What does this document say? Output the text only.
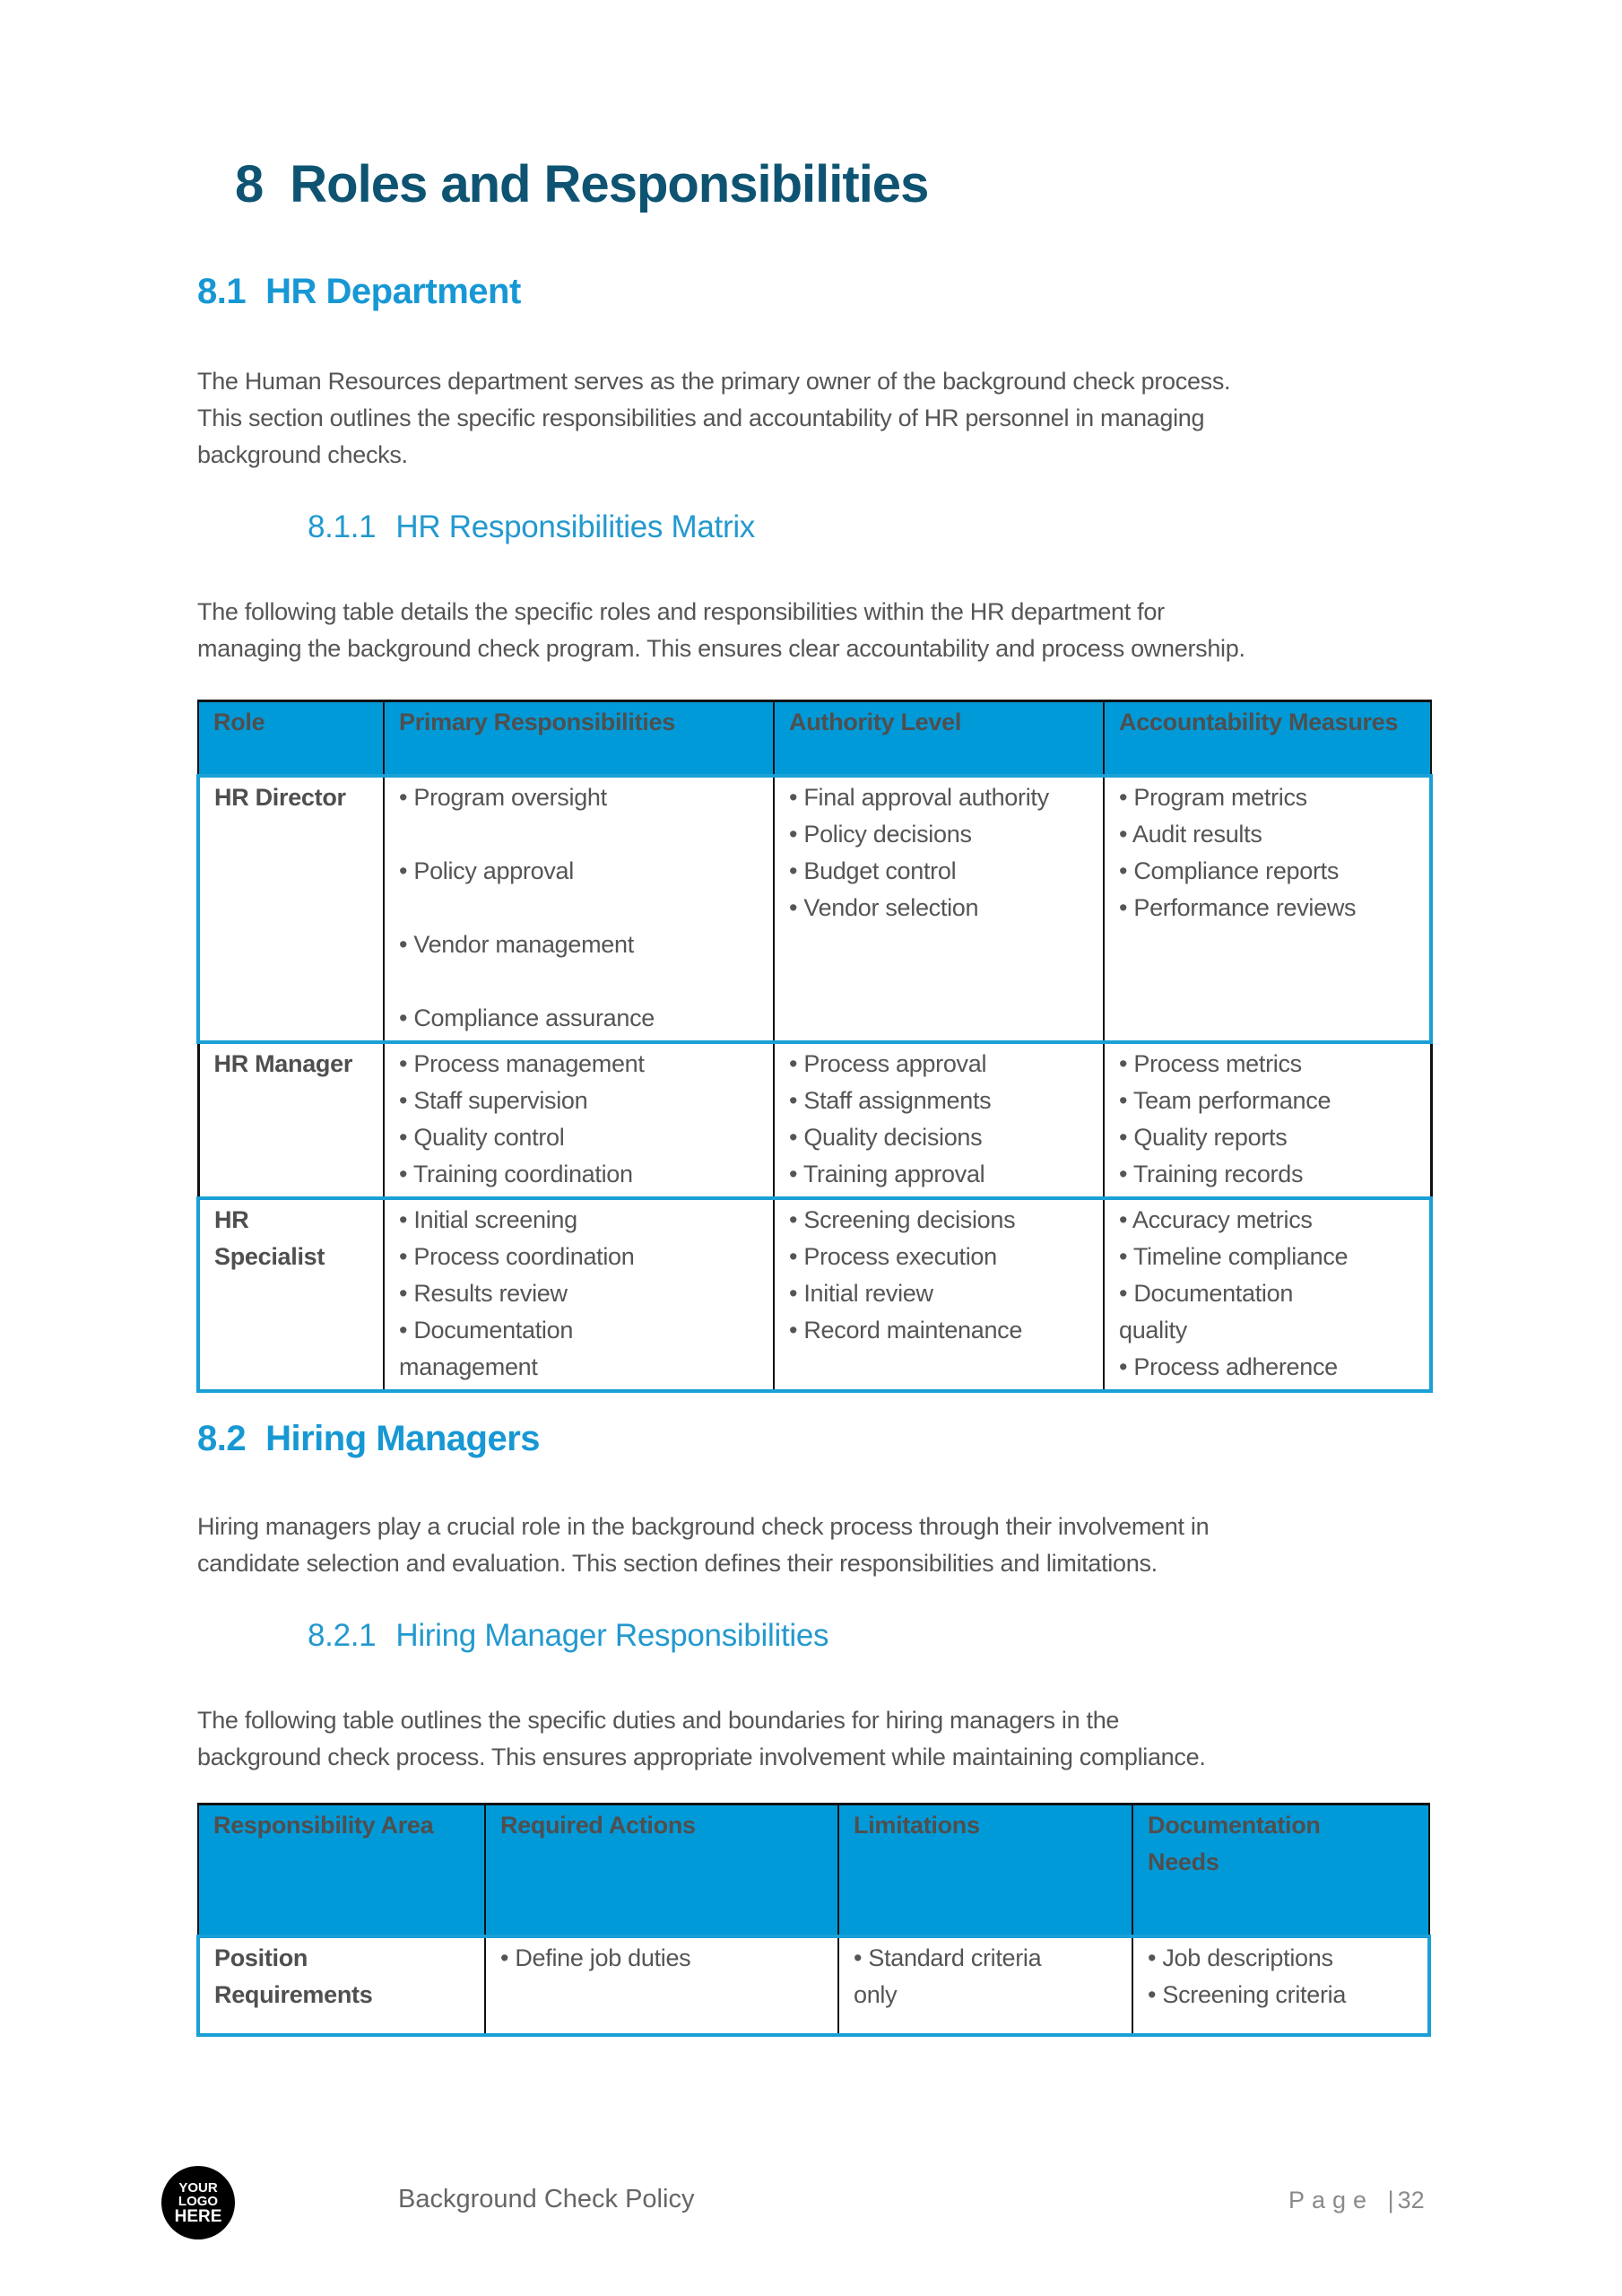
8 Roles and Responsibilities
8.1 HR Department
The Human Resources department serves as the primary owner of the background check process.
This section outlines the specific responsibilities and accountability of HR personnel in managing
background checks.
8.1.1 HR Responsibilities Matrix
The following table details the specific roles and responsibilities within the HR department for
managing the background check program. This ensures clear accountability and process ownership.
Role	Primary Responsibilities	Authority Level	Accountability Measures
HR Director	• Program oversight
• Policy approval
• Vendor management
• Compliance assurance	• Final approval authority
• Policy decisions
• Budget control
• Vendor selection	• Program metrics
• Audit results
• Compliance reports
• Performance reviews

HR Manager	• Process management
• Staff supervision
• Quality control
• Training coordination	• Process approval
• Staff assignments
• Quality decisions
• Training approval	• Process metrics
• Team performance
• Quality reports
• Training records

HR Specialist	• Initial screening
• Process coordination
• Results review
• Documentation management	• Screening decisions
• Process execution
• Initial review
• Record maintenance	• Accuracy metrics
• Timeline compliance
• Documentation quality
• Process adherence
8.2 Hiring Managers
Hiring managers play a crucial role in the background check process through their involvement in
candidate selection and evaluation. This section defines their responsibilities and limitations.
8.2.1 Hiring Manager Responsibilities
The following table outlines the specific duties and boundaries for hiring managers in the
background check process. This ensures appropriate involvement while maintaining compliance.
Responsibility Area	Required Actions	Limitations	Documentation Needs

Position Requirements	• Define job duties	• Standard criteria only	• Job descriptions
• Screening criteria
YOUR
LOGO
HERE
Background Check Policy	Page |32
